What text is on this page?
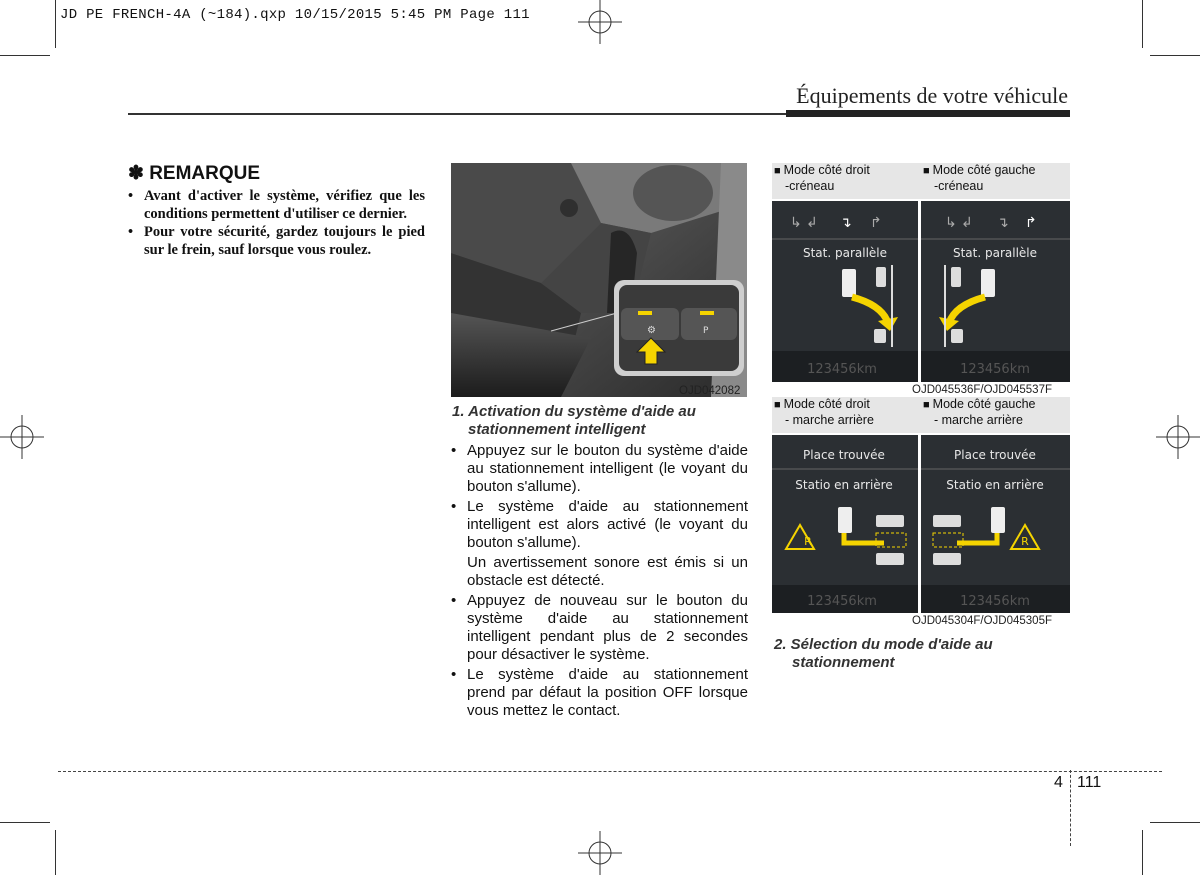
JD PE FRENCH-4A (~184).qxp 10/15/2015 5:45 PM Page 111
Équipements de votre véhicule
✽ REMARQUE
• Avant d'activer le système, vérifiez que les conditions permettent d'utiliser ce dernier.
• Pour votre sécurité, gardez toujours le pied sur le frein, sauf lorsque vous roulez.
⚙	P
OJD042082
1. Activation du système d'aide au
stationnement intelligent
• Appuyez sur le bouton du système d'aide au stationnement intelligent (le voyant du bouton s'allume).
• Le système d'aide au stationnement intelligent est alors activé (le voyant du bouton s'allume).
Un avertissement sonore est émis si un obstacle est détecté.
• Appuyez de nouveau sur le bouton du système d'aide au stationnement intelligent pendant plus de 2 secondes pour désactiver le système.
• Le système d'aide au stationnement prend par défaut la position OFF lorsque vous mettez le contact.
■ Mode côté droit
-créneau
■ Mode côté gauche
-créneau
↳ ↲ ↴ ↱
Stat. parallèle
123456km
↳ ↲ ↴ ↱
Stat. parallèle
123456km
OJD045536F/OJD045537F
■ Mode côté droit
- marche arrière
■ Mode côté gauche
- marche arrière
Place trouvée
Statio en arrière
R
123456km
Place trouvée
Statio en arrière
R
123456km
OJD045304F/OJD045305F
2. Sélection du mode d'aide au
stationnement
4 111
